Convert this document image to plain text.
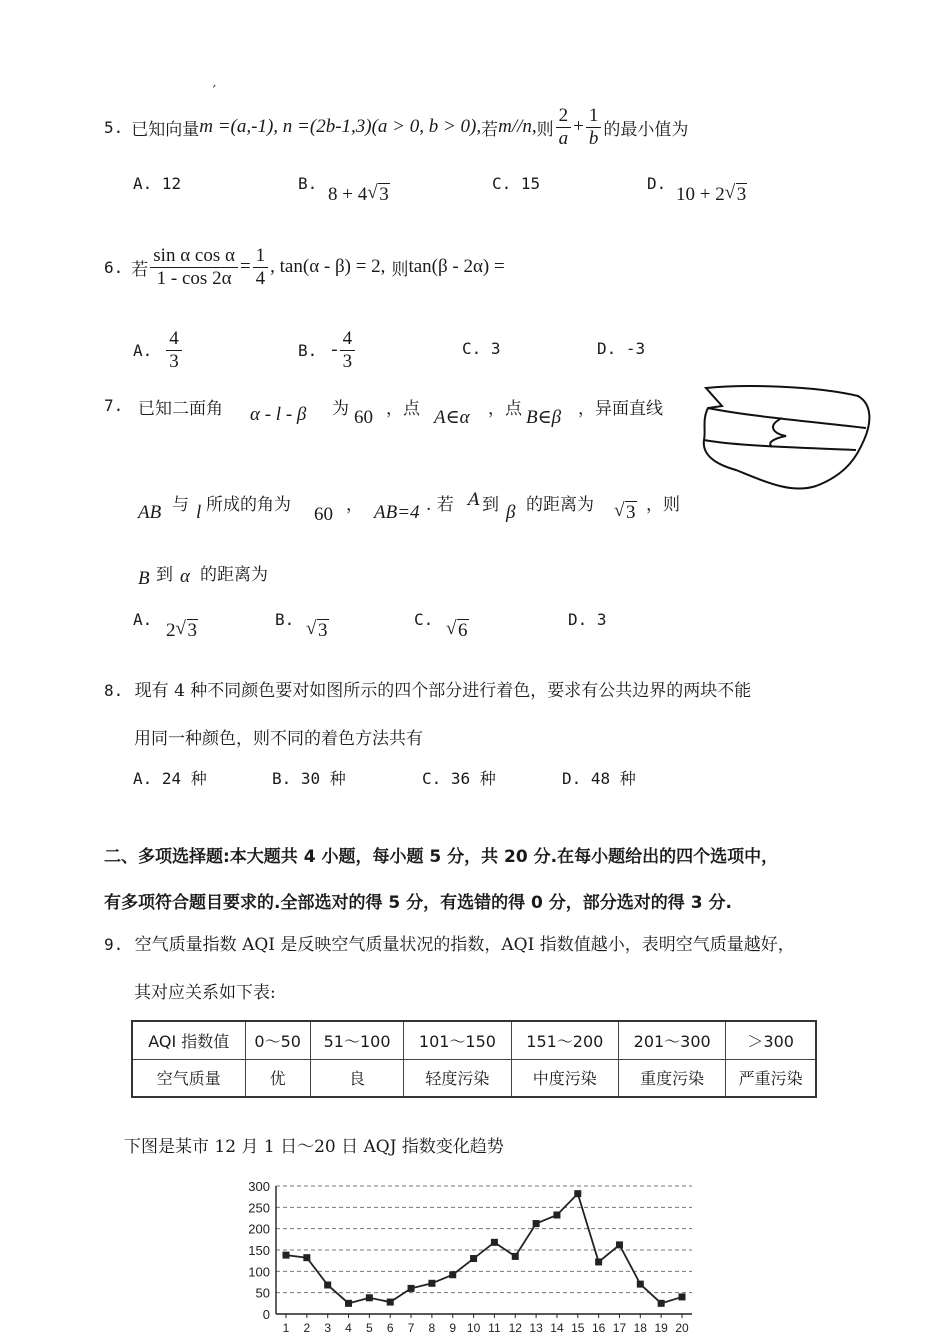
ˊ
5. 已知向量 m =(a,-1), n =(2b-1,3)(a > 0, b > 0), 若 m//n, 则 $\frac{2}{a} + \frac{1}{b}$ 的最小值为
A. 12	B.
8 + 4 √ 3
C. 15	D.
10 + 2 √ 3
6. 若 $\frac{\text{sin α cos α}}{1 - \cos 2\alpha} = \frac{1}{4}$ , tan(α - β) = 2, 则 tan(β - 2α) =
A. $\frac{4}{3}$	B. - $\frac{4}{3}$	C. 3	D. -3
7. 已知二面角 α - l - β 为 60 ，点 A∈α ，点 B∈β ，异面直线
AB 与 l 所成的角为 60 ， AB=4 . 若 A 到 β 的距离为 √ 3 ，则
B 到 α 的距离为
A.
2 √ 3
B. √ 3
C. √ 6
D. 3
8. 现有 4 种不同颜色要对如图所示的四个部分进行着色，要求有公共边界的两块不能
用同一种颜色，则不同的着色方法共有
A. 24 种	B. 30 种	C. 36 种	D. 48 种
二、多项选择题:本大题共 4 小题，每小题 5 分，共 20 分.在每小题给出的四个选项中，
有多项符合题目要求的.全部选对的得 5 分，有选错的得 0 分，部分选对的得 3 分.
9. 空气质量指数 AQI 是反映空气质量状况的指数，AQI 指数值越小，表明空气质量越好，
其对应关系如下表:
AQI 指数值	0～50	51～100	101～150	151～200	201～300	＞300
空气质量	优	良	轻度污染	中度污染	重度污染	严重污染
下图是某市 12 月 1 日～20 日 AQJ 指数变化趋势
0
50
100
150
200
250
300
1 2 3 4 5 6 7 8 9 10 11 12 13 14 15 16 17 18 19 20
